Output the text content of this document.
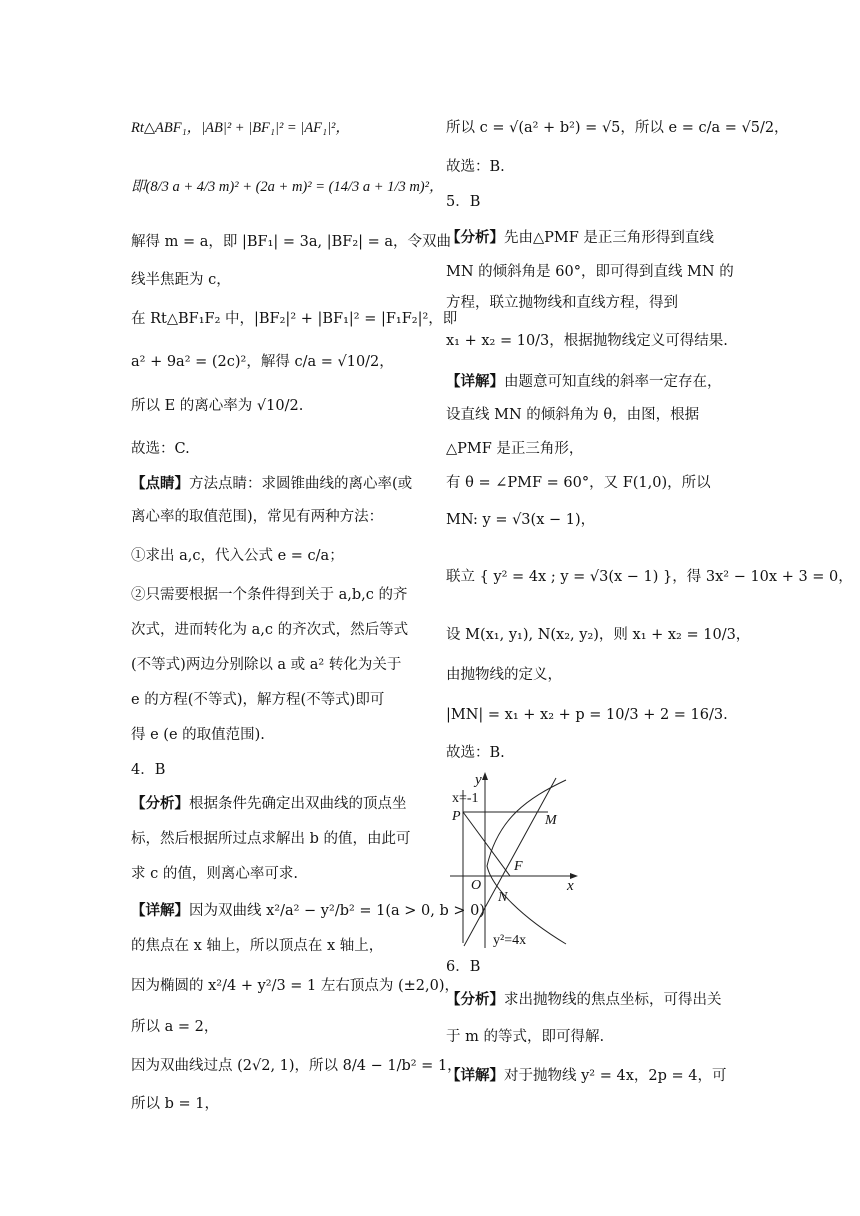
Rt△ABF₁，|AB|² + |BF₁|² = |AF₁|²，
即(8/3 a + 4/3 m)² + (2a + m)² = (14/3 a + 1/3 m)²，
解得 m = a，即 |BF₁| = 3a, |BF₂| = a，令双曲
线半焦距为 c，
在 Rt△BF₁F₂ 中，|BF₂|² + |BF₁|² = |F₁F₂|²，即
a² + 9a² = (2c)²，解得 c/a = √10/2，
所以 E 的离心率为 √10/2.
故选：C.
【点睛】方法点睛：求圆锥曲线的离心率(或
离心率的取值范围)，常见有两种方法：
①求出 a,c，代入公式 e = c/a；
②只需要根据一个条件得到关于 a,b,c 的齐
次式，进而转化为 a,c 的齐次式，然后等式
(不等式)两边分别除以 a 或 a² 转化为关于
e 的方程(不等式)，解方程(不等式)即可
得 e (e 的取值范围).
4．B
【分析】根据条件先确定出双曲线的顶点坐
标，然后根据所过点求解出 b 的值，由此可
求 c 的值，则离心率可求.
【详解】因为双曲线 x²/a² − y²/b² = 1(a > 0, b > 0)
的焦点在 x 轴上，所以顶点在 x 轴上，
因为椭圆的 x²/4 + y²/3 = 1 左右顶点为 (±2,0)，
所以 a = 2，
因为双曲线过点 (2√2, 1)，所以 8/4 − 1/b² = 1，
所以 b = 1，
所以 c = √(a² + b²) = √5，所以 e = c/a = √5/2，
故选：B.
5．B
【分析】先由△PMF 是正三角形得到直线
MN 的倾斜角是 60°，即可得到直线 MN 的
方程，联立抛物线和直线方程，得到
x₁ + x₂ = 10/3，根据抛物线定义可得结果.
【详解】由题意可知直线的斜率一定存在，
设直线 MN 的倾斜角为 θ，由图，根据
△PMF 是正三角形，
有 θ = ∠PMF = 60°，又 F(1,0)，所以
MN: y = √3(x − 1)，
联立 { y² = 4x ; y = √3(x − 1) }，得 3x² − 10x + 3 = 0，
设 M(x₁, y₁), N(x₂, y₂)，则 x₁ + x₂ = 10/3，
由抛物线的定义，
|MN| = x₁ + x₂ + p = 10/3 + 2 = 16/3.
故选：B.
y
x
x=-1
P	M
F
O
N
y²=4x
6．B
【分析】求出抛物线的焦点坐标，可得出关
于 m 的等式，即可得解.
【详解】对于抛物线 y² = 4x，2p = 4，可
